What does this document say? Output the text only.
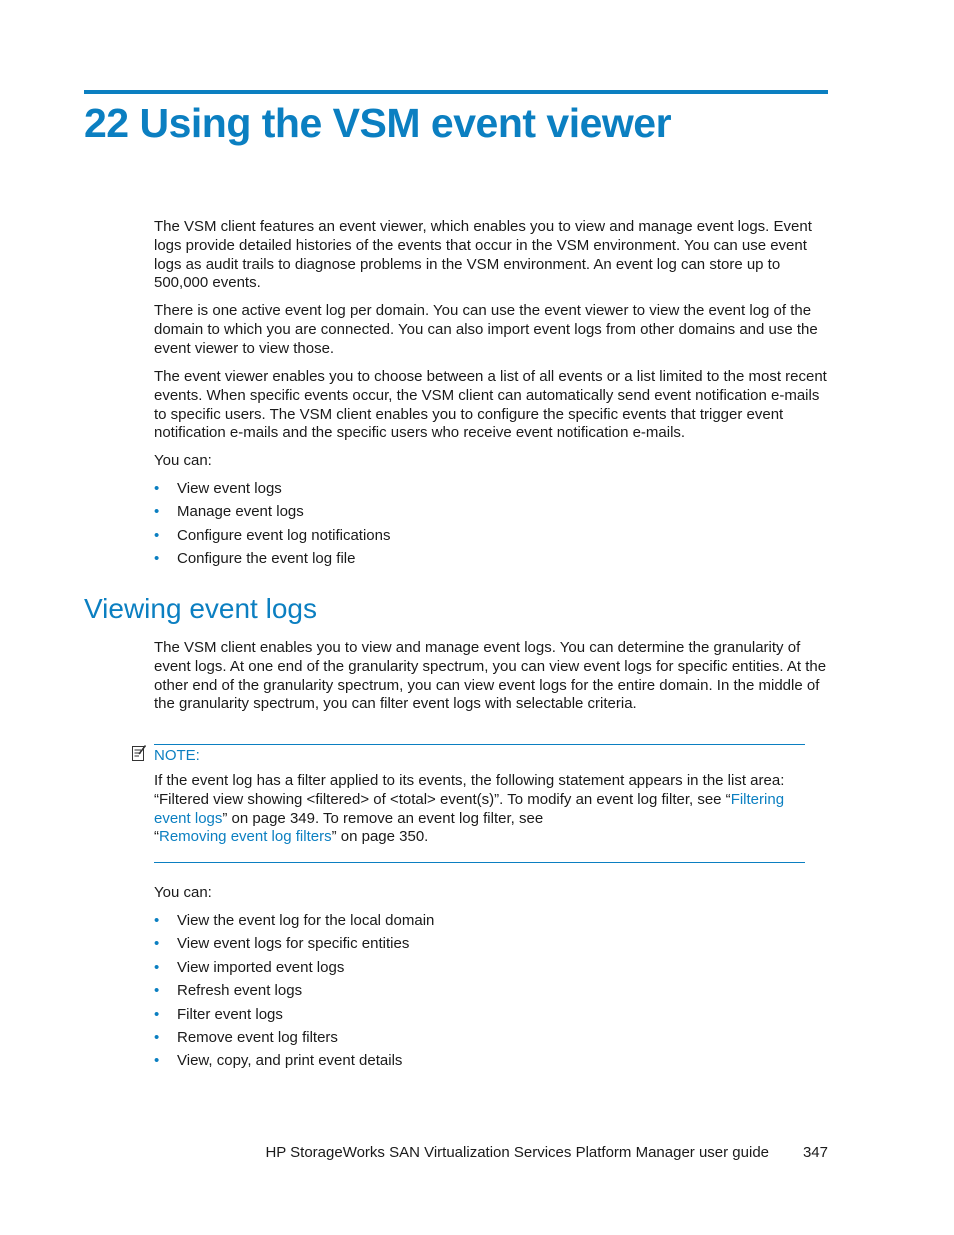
22 Using the VSM event viewer

The VSM client features an event viewer, which enables you to view and manage event logs. Event logs provide detailed histories of the events that occur in the VSM environment. You can use event logs as audit trails to diagnose problems in the VSM environment. An event log can store up to 500,000 events.

There is one active event log per domain. You can use the event viewer to view the event log of the domain to which you are connected. You can also import event logs from other domains and use the event viewer to view those.

The event viewer enables you to choose between a list of all events or a list limited to the most recent events. When specific events occur, the VSM client can automatically send event notification e-mails to specific users. The VSM client enables you to configure the specific events that trigger event notification e-mails and the specific users who receive event notification e-mails.

You can:
• View event logs
• Manage event logs
• Configure event log notifications
• Configure the event log file
Viewing event logs

The VSM client enables you to view and manage event logs. You can determine the granularity of event logs. At one end of the granularity spectrum, you can view event logs for specific entities. At the other end of the granularity spectrum, you can view event logs for the entire domain. In the middle of the granularity spectrum, you can filter event logs with selectable criteria.

NOTE:

If the event log has a filter applied to its events, the following statement appears in the list area: “Filtered view showing <filtered> of <total> event(s)”. To modify an event log filter, see “Filtering event logs” on page 349. To remove an event log filter, see
“Removing event log filters” on page 350.

You can:
• View the event log for the local domain
• View event logs for specific entities
• View imported event logs
• Refresh event logs
• Filter event logs
• Remove event log filters
• View, copy, and print event details
HP StorageWorks SAN Virtualization Services Platform Manager user guide 347
